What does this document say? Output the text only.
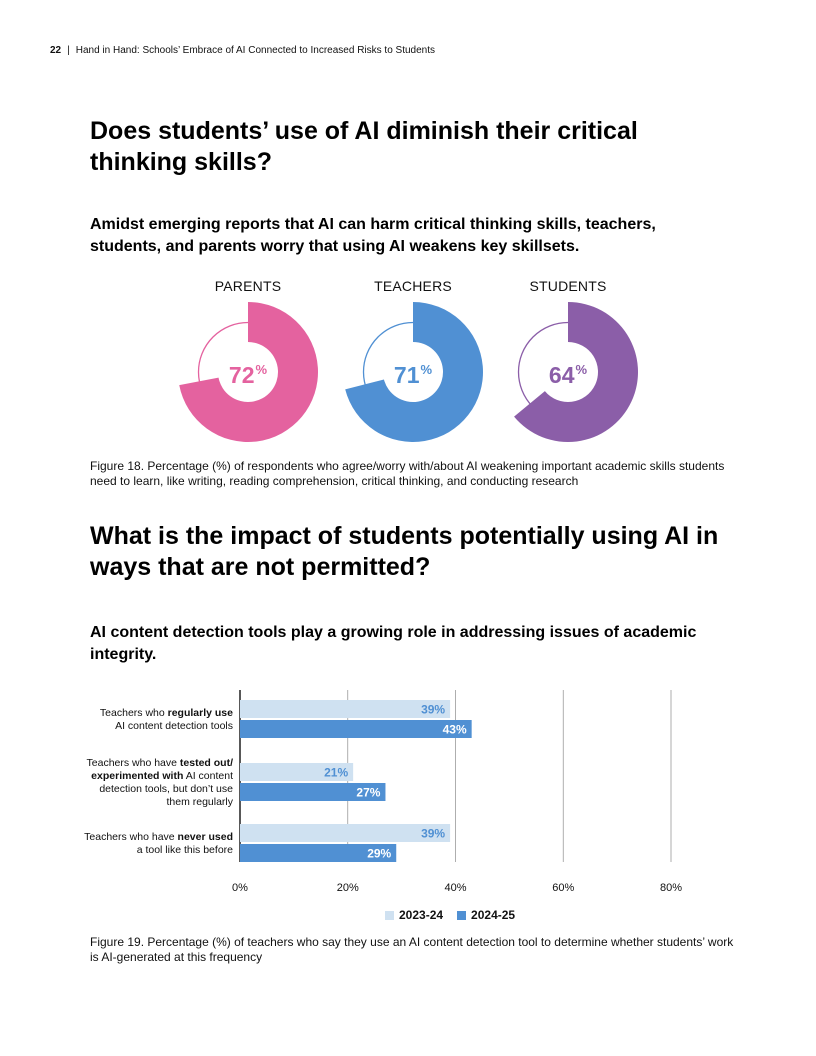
22 | Hand in Hand: Schools’ Embrace of AI Connected to Increased Risks to Students
Does students’ use of AI diminish their critical thinking skills?
Amidst emerging reports that AI can harm critical thinking skills, teachers, students, and parents worry that using AI weakens key skillsets.
PARENTS
72%
TEACHERS
71%
STUDENTS
64%
Figure 18. Percentage (%) of respondents who agree/worry with/about AI weakening important academic skills students need to learn, like writing, reading comprehension, critical thinking, and conducting research
What is the impact of students potentially using AI in ways that are not permitted?
AI content detection tools play a growing role in addressing issues of academic integrity.
39%
21%
39%
43%
27%
29%
Teachers who regularly use
AI content detection tools
Teachers who have tested out/
experimented with AI content
detection tools, but don’t use
them regularly
Teachers who have never used
a tool like this before
0%	20%	40%	60%	80%
2023-24 2024-25
Figure 19. Percentage (%) of teachers who say they use an AI content detection tool to determine whether students’ work is AI-generated at this frequency
